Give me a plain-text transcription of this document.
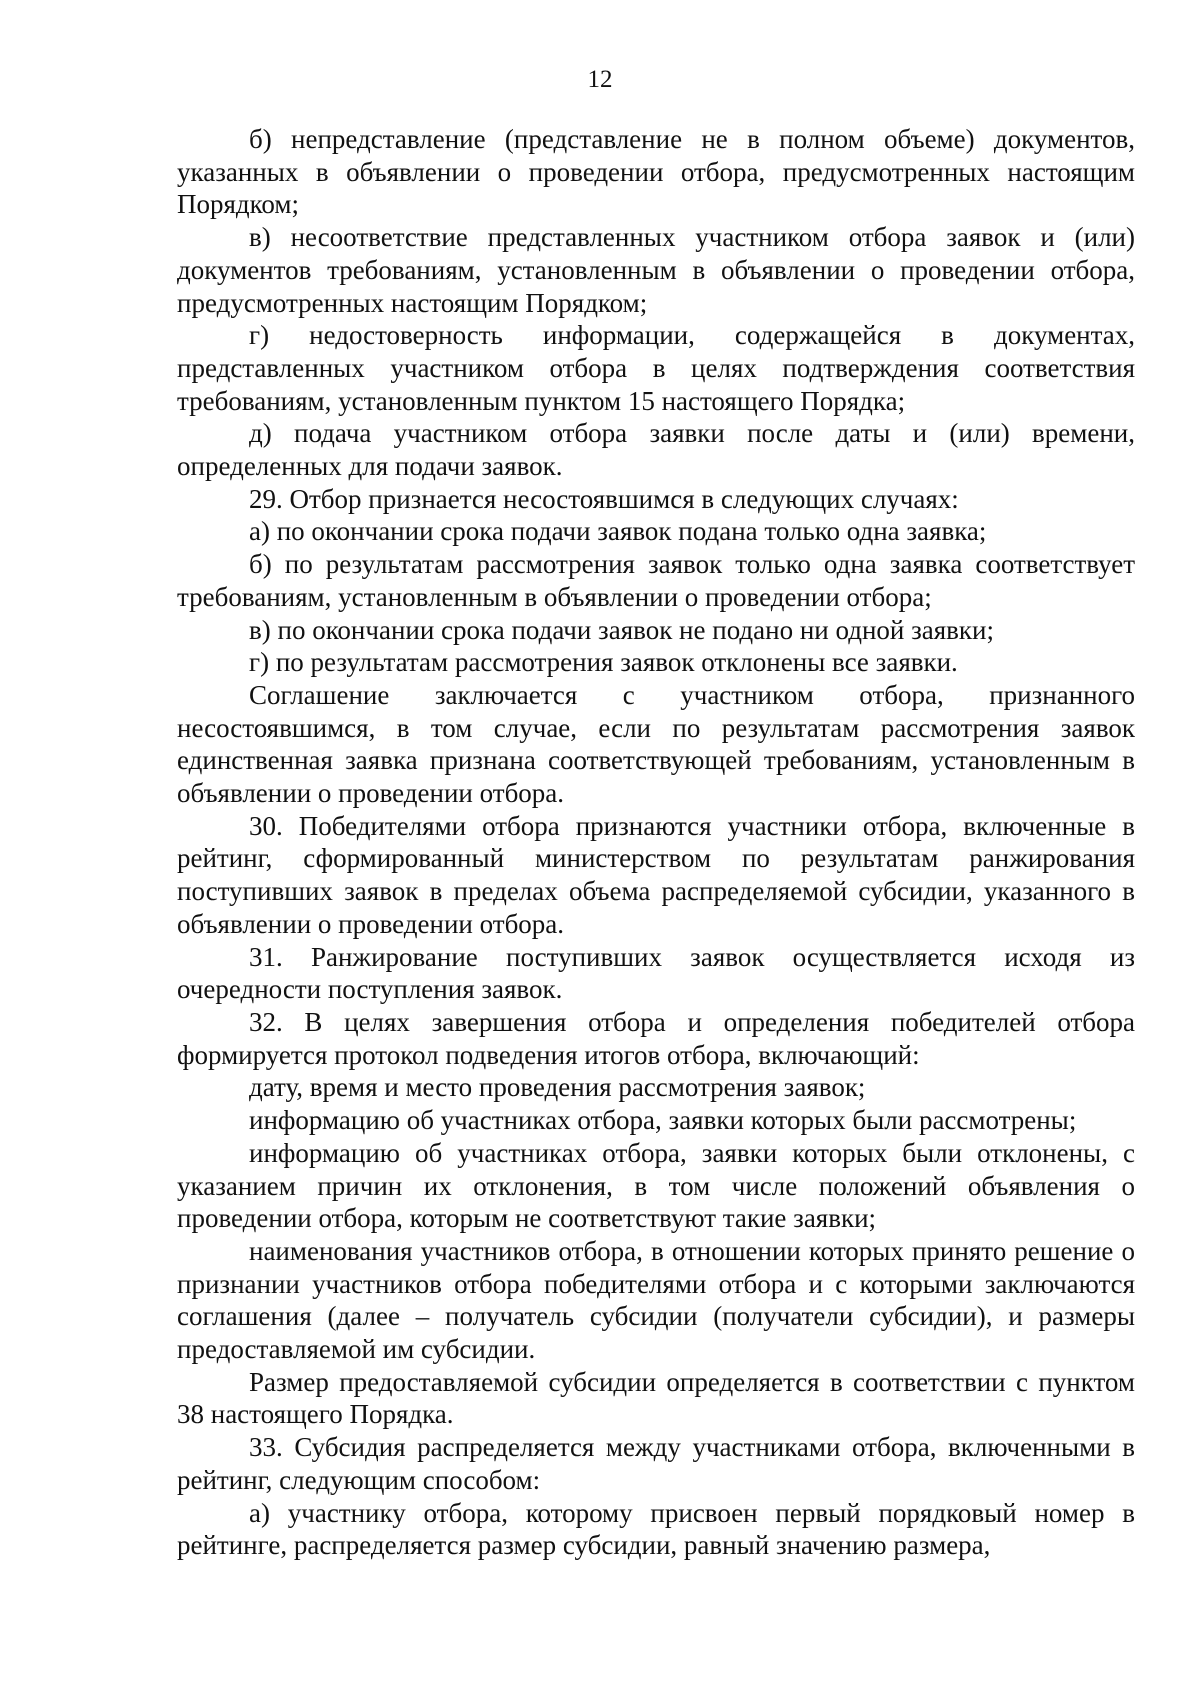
12

б) непредставление (представление не в полном объеме) документов, указанных в объявлении о проведении отбора, предусмотренных настоящим Порядком;

в) несоответствие представленных участником отбора заявок и (или) документов требованиям, установленным в объявлении о проведении отбора, предусмотренных настоящим Порядком;

г) недостоверность информации, содержащейся в документах, представленных участником отбора в целях подтверждения соответствия требованиям, установленным пунктом 15 настоящего Порядка;

д) подача участником отбора заявки после даты и (или) времени, определенных для подачи заявок.

29. Отбор признается несостоявшимся в следующих случаях:

а) по окончании срока подачи заявок подана только одна заявка;

б) по результатам рассмотрения заявок только одна заявка соответствует требованиям, установленным в объявлении о проведении отбора;

в) по окончании срока подачи заявок не подано ни одной заявки;

г) по результатам рассмотрения заявок отклонены все заявки.

Соглашение заключается с участником отбора, признанного несостоявшимся, в том случае, если по результатам рассмотрения заявок единственная заявка признана соответствующей требованиям, установленным в объявлении о проведении отбора.

30. Победителями отбора признаются участники отбора, включенные в рейтинг, сформированный министерством по результатам ранжирования поступивших заявок в пределах объема распределяемой субсидии, указанного в объявлении о проведении отбора.

31. Ранжирование поступивших заявок осуществляется исходя из очередности поступления заявок.

32. В целях завершения отбора и определения победителей отбора формируется протокол подведения итогов отбора, включающий:

дату, время и место проведения рассмотрения заявок;

информацию об участниках отбора, заявки которых были рассмотрены;

информацию об участниках отбора, заявки которых были отклонены, с указанием причин их отклонения, в том числе положений объявления о проведении отбора, которым не соответствуют такие заявки;

наименования участников отбора, в отношении которых принято решение о признании участников отбора победителями отбора и с которыми заключаются соглашения (далее – получатель субсидии (получатели субсидии), и размеры предоставляемой им субсидии.

Размер предоставляемой субсидии определяется в соответствии с пунктом 38 настоящего Порядка.

33. Субсидия распределяется между участниками отбора, включенными в рейтинг, следующим способом:

а) участнику отбора, которому присвоен первый порядковый номер в рейтинге, распределяется размер субсидии, равный значению размера,
